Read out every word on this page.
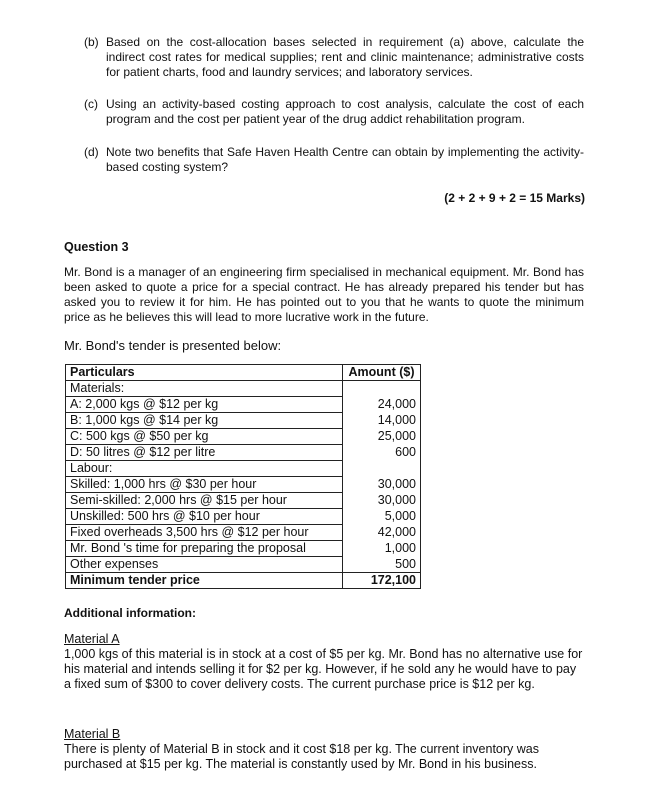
(b) Based on the cost-allocation bases selected in requirement (a) above, calculate the indirect cost rates for medical supplies; rent and clinic maintenance; administrative costs for patient charts, food and laundry services; and laboratory services.
(c) Using an activity-based costing approach to cost analysis, calculate the cost of each program and the cost per patient year of the drug addict rehabilitation program.
(d) Note two benefits that Safe Haven Health Centre can obtain by implementing the activity-based costing system?
(2 + 2 + 9 + 2 = 15 Marks)
Question 3
Mr. Bond is a manager of an engineering firm specialised in mechanical equipment. Mr. Bond has been asked to quote a price for a special contract. He has already prepared his tender but has asked you to review it for him. He has pointed out to you that he wants to quote the minimum price as he believes this will lead to more lucrative work in the future.
Mr. Bond's tender is presented below:
Particulars	Amount ($)
Materials:	
A: 2,000 kgs @ $12 per kg	24,000
B: 1,000 kgs @ $14 per kg	14,000
C: 500 kgs @ $50 per kg	25,000
D: 50 litres @ $12 per litre	600
Labour:	
Skilled: 1,000 hrs @ $30 per hour	30,000
Semi-skilled: 2,000 hrs @ $15 per hour	30,000
Unskilled: 500 hrs @ $10 per hour	5,000
Fixed overheads 3,500 hrs @ $12 per hour	42,000
Mr. Bond 's time for preparing the proposal	1,000
Other expenses	500
Minimum tender price	172,100
Additional information:
Material A
1,000 kgs of this material is in stock at a cost of $5 per kg. Mr. Bond has no alternative use for his material and intends selling it for $2 per kg. However, if he sold any he would have to pay a fixed sum of $300 to cover delivery costs. The current purchase price is $12 per kg.
Material B
There is plenty of Material B in stock and it cost $18 per kg. The current inventory was purchased at $15 per kg. The material is constantly used by Mr. Bond in his business.
